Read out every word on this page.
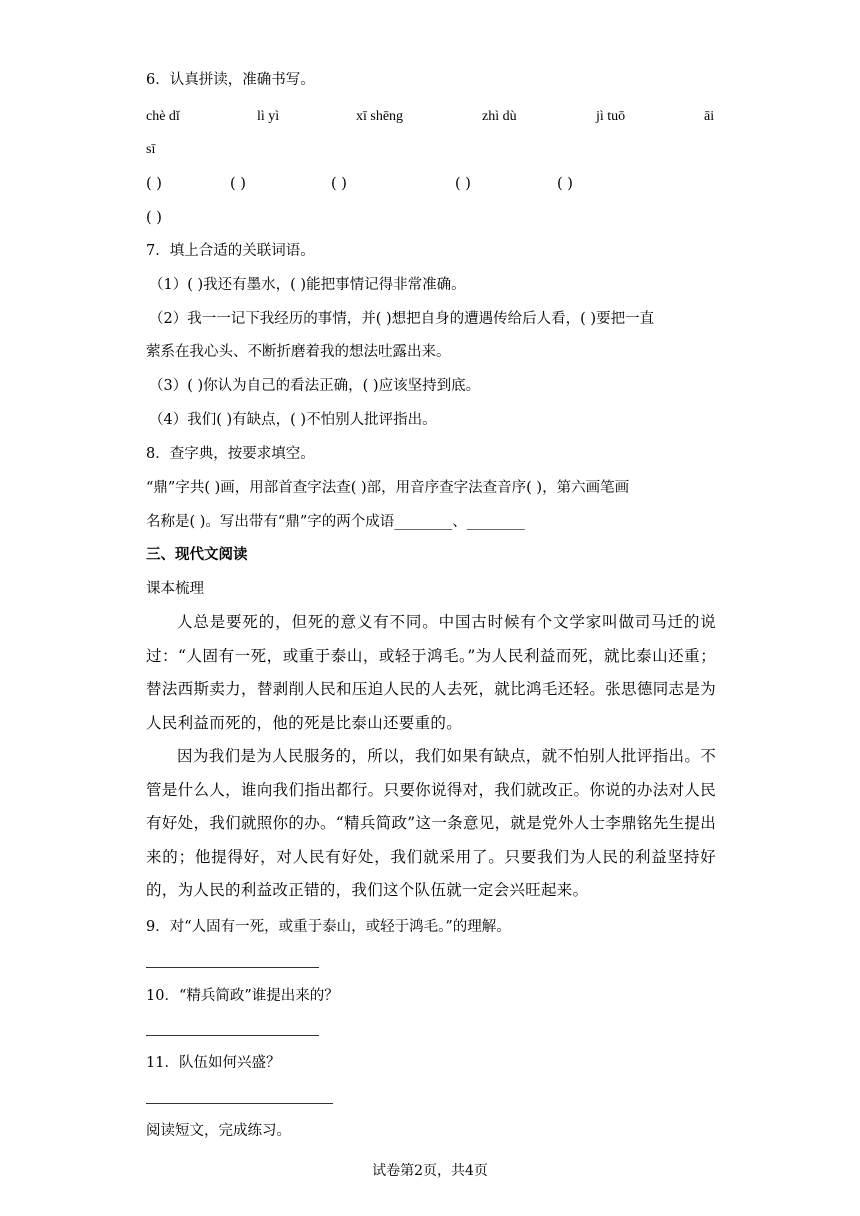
6．认真拼读，准确书写。
chè dǐ	lì yì	xī shēng	zhì dù	jì tuō	āi
sī
( )	( )	( )	( )	( )
( )
7．填上合适的关联词语。
（1）( )我还有墨水，( )能把事情记得非常准确。
（2）我一一记下我经历的事情，并( )想把自身的遭遇传给后人看，( )要把一直
萦系在我心头、不断折磨着我的想法吐露出来。
（3）( )你认为自己的看法正确，( )应该坚持到底。
（4）我们( )有缺点，( )不怕别人批评指出。
8．查字典，按要求填空。
“鼎”字共( )画，用部首查字法查( )部，用音序查字法查音序( )，第六画笔画
名称是( )。写出带有“鼎”字的两个成语________、________
三、现代文阅读
课本梳理
人总是要死的，但死的意义有不同。中国古时候有个文学家叫做司马迁的说过：“人固有一死，或重于泰山，或轻于鸿毛。”为人民利益而死，就比泰山还重；替法西斯卖力，替剥削人民和压迫人民的人去死，就比鸿毛还轻。张思德同志是为人民利益而死的，他的死是比泰山还要重的。
因为我们是为人民服务的，所以，我们如果有缺点，就不怕别人批评指出。不管是什么人，谁向我们指出都行。只要你说得对，我们就改正。你说的办法对人民有好处，我们就照你的办。“精兵简政”这一条意见，就是党外人士李鼎铭先生提出来的；他提得好，对人民有好处，我们就采用了。只要我们为人民的利益坚持好的，为人民的利益改正错的，我们这个队伍就一定会兴旺起来。
9．对“人固有一死，或重于泰山，或轻于鸿毛。”的理解。
10．“精兵简政”谁提出来的？
11．队伍如何兴盛？
阅读短文，完成练习。
试卷第2页，共4页
